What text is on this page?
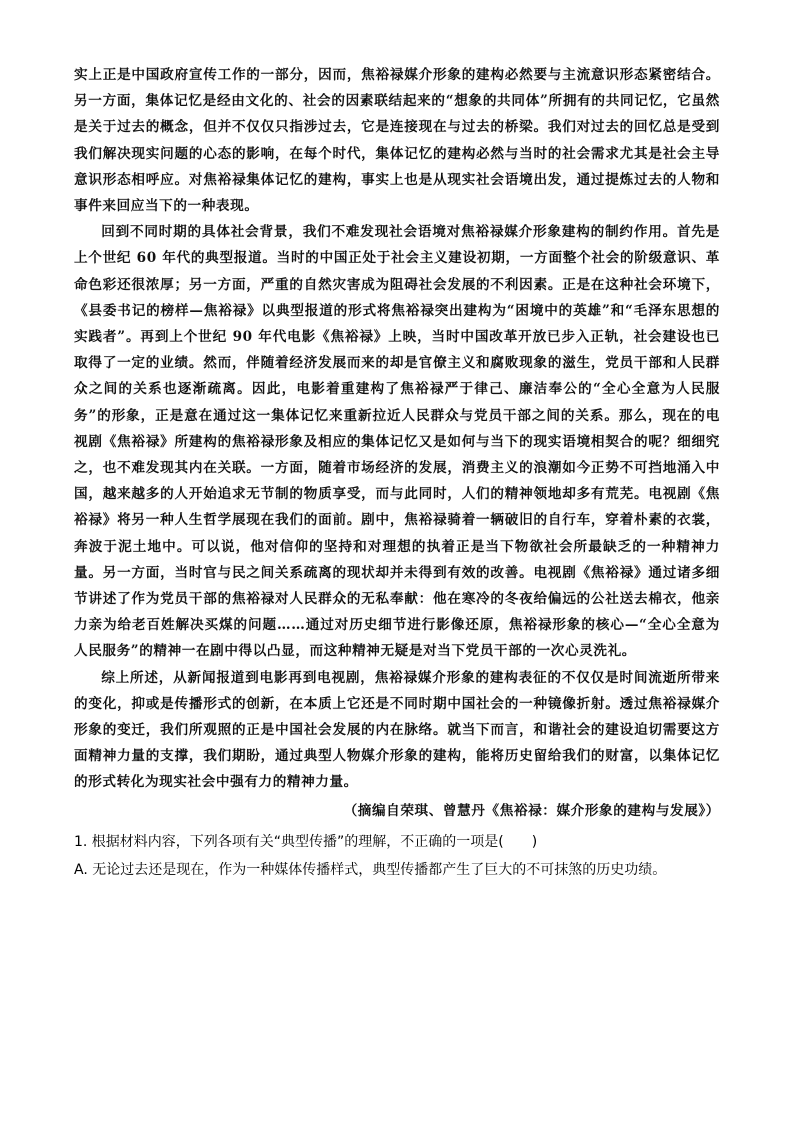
实上正是中国政府宣传工作的一部分，因而，焦裕禄媒介形象的建构必然要与主流意识形态紧密结合。另一方面，集体记忆是经由文化的、社会的因素联结起来的“想象的共同体”所拥有的共同记忆，它虽然是关于过去的概念，但并不仅仅只指涉过去，它是连接现在与过去的桥梁。我们对过去的回忆总是受到我们解决现实问题的心态的影响，在每个时代，集体记忆的建构必然与当时的社会需求尤其是社会主导意识形态相呼应。对焦裕禄集体记忆的建构，事实上也是从现实社会语境出发，通过提炼过去的人物和事件来回应当下的一种表现。

回到不同时期的具体社会背景，我们不难发现社会语境对焦裕禄媒介形象建构的制约作用。首先是上个世纪 60 年代的典型报道。当时的中国正处于社会主义建设初期，一方面整个社会的阶级意识、革命色彩还很浓厚；另一方面，严重的自然灾害成为阻碍社会发展的不利因素。正是在这种社会环境下，《县委书记的榜样—焦裕禄》以典型报道的形式将焦裕禄突出建构为“困境中的英雄”和“毛泽东思想的实践者”。再到上个世纪 90 年代电影《焦裕禄》上映，当时中国改革开放已步入正轨，社会建设也已取得了一定的业绩。然而，伴随着经济发展而来的却是官僚主义和腐败现象的滋生，党员干部和人民群众之间的关系也逐渐疏离。因此，电影着重建构了焦裕禄严于律己、廉洁奉公的“全心全意为人民服务”的形象，正是意在通过这一集体记忆来重新拉近人民群众与党员干部之间的关系。那么，现在的电视剧《焦裕禄》所建构的焦裕禄形象及相应的集体记忆又是如何与当下的现实语境相契合的呢？细细究之，也不难发现其内在关联。一方面，随着市场经济的发展，消费主义的浪潮如今正势不可挡地涌入中国，越来越多的人开始追求无节制的物质享受，而与此同时，人们的精神领地却多有荒芜。电视剧《焦裕禄》将另一种人生哲学展现在我们的面前。剧中，焦裕禄骑着一辆破旧的自行车，穿着朴素的衣裳，奔波于泥土地中。可以说，他对信仰的坚持和对理想的执着正是当下物欲社会所最缺乏的一种精神力量。另一方面，当时官与民之间关系疏离的现状却并未得到有效的改善。电视剧《焦裕禄》通过诸多细节讲述了作为党员干部的焦裕禄对人民群众的无私奉献：他在寒冷的冬夜给偏远的公社送去棉衣，他亲力亲为给老百姓解决买煤的问题……通过对历史细节进行影像还原，焦裕禄形象的核心—“全心全意为人民服务”的精神一在剧中得以凸显，而这种精神无疑是对当下党员干部的一次心灵洗礼。

综上所述，从新闻报道到电影再到电视剧，焦裕禄媒介形象的建构表征的不仅仅是时间流逝所带来的变化，抑或是传播形式的创新，在本质上它还是不同时期中国社会的一种镜像折射。透过焦裕禄媒介形象的变迁，我们所观照的正是中国社会发展的内在脉络。就当下而言，和谐社会的建设迫切需要这方面精神力量的支撑，我们期盼，通过典型人物媒介形象的建构，能将历史留给我们的财富，以集体记忆的形式转化为现实社会中强有力的精神力量。

（摘编自荣琪、曾慧丹《焦裕禄：媒介形象的建构与发展》）

1. 根据材料内容，下列各项有关“典型传播”的理解，不正确的一项是(　　)

A. 无论过去还是现在，作为一种媒体传播样式，典型传播都产生了巨大的不可抹煞的历史功绩。
